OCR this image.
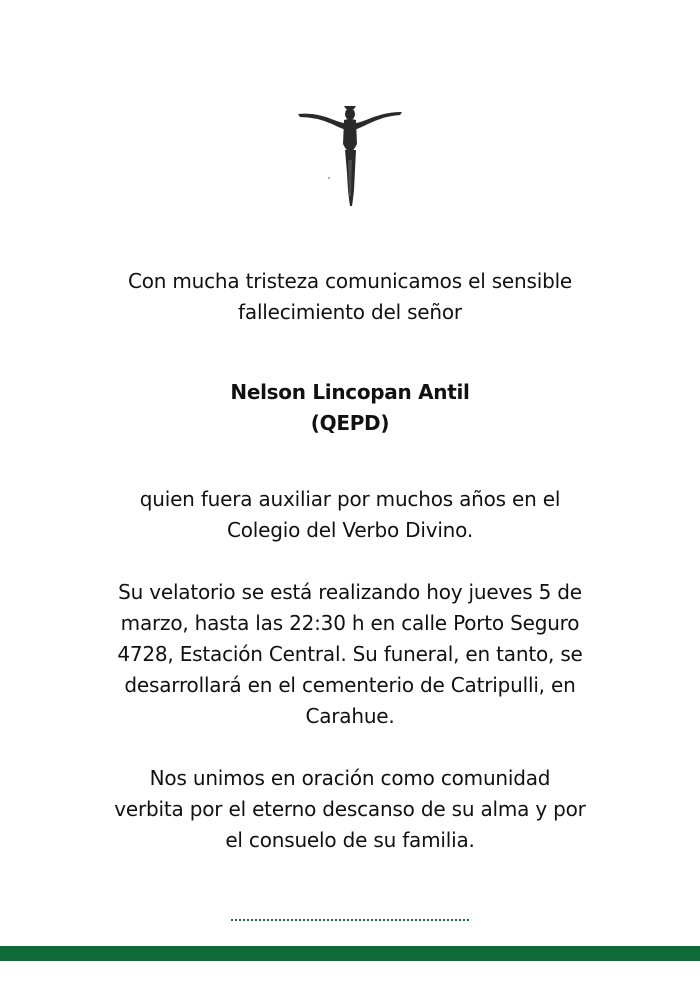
Con mucha tristeza comunicamos el sensible
fallecimiento del señor
Nelson Lincopan Antil
(QEPD)
quien fuera auxiliar por muchos años en el
Colegio del Verbo Divino.
Su velatorio se está realizando hoy jueves 5 de
marzo, hasta las 22:30 h en calle Porto Seguro
4728, Estación Central. Su funeral, en tanto, se
desarrollará en el cementerio de Catripulli, en
Carahue.
Nos unimos en oración como comunidad
verbita por el eterno descanso de su alma y por
el consuelo de su familia.
